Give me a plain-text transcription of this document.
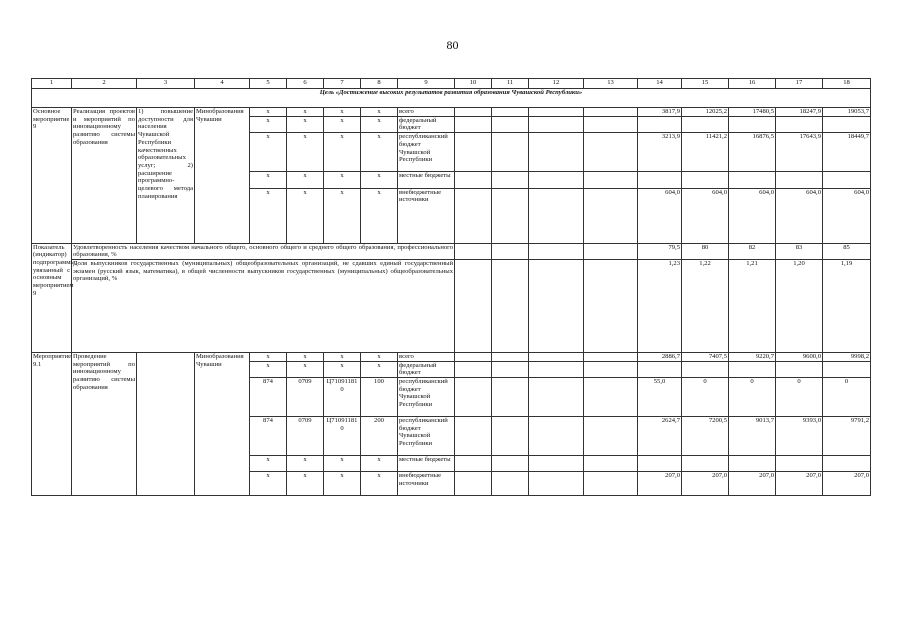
80
1	2	3	4	5	6	7	8	9	10	11	12	13	14	15	16	17	18
Цель «Достижение высоких результатов развития образования Чувашской Республики»																	
Основное мероприятие 9	Реализация проектов и мероприятий по инновационному развитию системы образования	1) повышение доступности для населения Чувашской Республики качественных образовательных услуг; 2) расширение программно-целевого метода планирования	Минобразования Чувашии	x	x	x	x	всего					3817,9	12025,2	17480,5	18247,9	19053,7
				x	x	x	x	федеральный бюджет									
				x	x	x	x	республиканский бюджет Чувашской Республики					3213,9	11421,2	16876,5	17643,9	18449,7
				x	x	x	x	местные бюджеты									
				x	x	x	x	внебюджетные источники					604,0	604,0	604,0	604,0	604,0
Показатель (индикатор) подпрограммы, увязанный с основным мероприятием 9	Удовлетворенность населения качеством начального общего, основного общего и среднего общего образования, профессионального образования, %												79,5	80	82	83	85
	Доля выпускников государственных (муниципальных) общеобразовательных организаций, не сдавших единый государственный экзамен (русский язык, математика), в общей численности выпускников государственных (муниципальных) общеобразовательных организаций, %												1,23	1,22	1,21	1,20	1,19
Мероприятие 9.1	Проведение мероприятий по инновационному развитию системы образования		Минобразования Чувашии	x	x	x	x	всего					2886,7	7407,5	9220,7	9600,0	9998,2
				x	x	x	x	федеральный бюджет									
				874	0709	Ц710911810	100	республиканский бюджет Чувашской Республики					55,0	0	0	0	0
				874	0709	Ц710911810	200	республиканский бюджет Чувашской Республики					2624,7	7200,5	9013,7	9393,0	9791,2
				x	x	x	x	местные бюджеты									
				x	x	x	x	внебюджетные источники					207,0	207,0	207,0	207,0	207,0
